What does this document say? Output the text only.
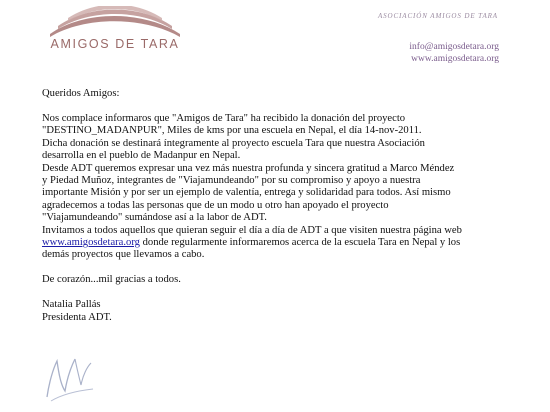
AMIGOS DE TARA
ASOCIACIÓN AMIGOS DE TARA
info@amigosdetara.org
www.amigosdetara.org

Queridos Amigos:

Nos complace informaros que "Amigos de Tara" ha recibido la donación del proyecto

"DESTINO_MADANPUR", Miles de kms por una escuela en Nepal, el día 14-nov-2011.

Dicha donación se destinará íntegramente al proyecto escuela Tara que nuestra Asociación

desarrolla en el pueblo de Madanpur en Nepal.

Desde ADT queremos expresar una vez más nuestra profunda y sincera gratitud a Marco Méndez

y Piedad Muñoz, integrantes de "Viajamundeando" por su compromiso y apoyo a nuestra

importante Misión y por ser un ejemplo de valentía, entrega y solidaridad para todos. Así mismo

agradecemos a todas las personas que de un modo u otro han apoyado el proyecto

"Viajamundeando" sumándose así a la labor de ADT.

Invitamos a todos aquellos que quieran seguir el día a día de ADT a que visiten nuestra página web

www.amigosdetara.org donde regularmente informaremos acerca de la escuela Tara en Nepal y los

demás proyectos que llevamos a cabo.

De corazón...mil gracias a todos.

Natalia Pallás

Presidenta ADT.
